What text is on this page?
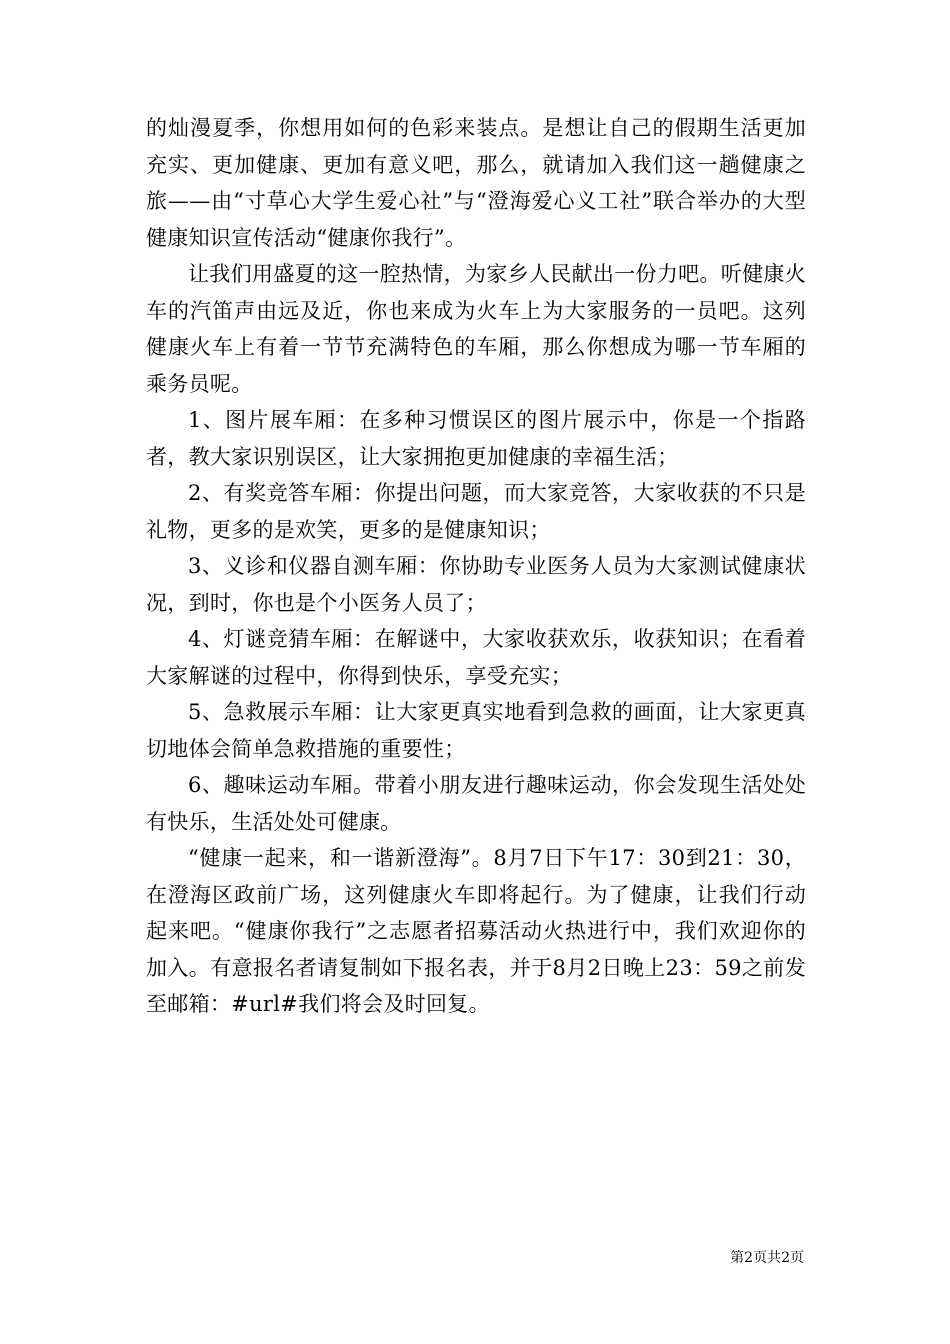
的灿漫夏季，你想用如何的色彩来装点。是想让自己的假期生活更加充实、更加健康、更加有意义吧，那么，就请加入我们这一趟健康之旅——由“寸草心大学生爱心社”与“澄海爱心义工社”联合举办的大型健康知识宣传活动“健康你我行”。

让我们用盛夏的这一腔热情，为家乡人民献出一份力吧。听健康火车的汽笛声由远及近，你也来成为火车上为大家服务的一员吧。这列健康火车上有着一节节充满特色的车厢，那么你想成为哪一节车厢的乘务员呢。

1、图片展车厢：在多种习惯误区的图片展示中，你是一个指路者，教大家识别误区，让大家拥抱更加健康的幸福生活；

2、有奖竞答车厢：你提出问题，而大家竞答，大家收获的不只是礼物，更多的是欢笑，更多的是健康知识；

3、义诊和仪器自测车厢：你协助专业医务人员为大家测试健康状况，到时，你也是个小医务人员了；

4、灯谜竞猜车厢：在解谜中，大家收获欢乐，收获知识；在看着大家解谜的过程中，你得到快乐，享受充实；

5、急救展示车厢：让大家更真实地看到急救的画面，让大家更真切地体会简单急救措施的重要性；

6、趣味运动车厢。带着小朋友进行趣味运动，你会发现生活处处有快乐，生活处处可健康。

“健康一起来，和一谐新澄海”。8月7日下午17：30到21：30，在澄海区政前广场，这列健康火车即将起行。为了健康，让我们行动起来吧。“健康你我行”之志愿者招募活动火热进行中，我们欢迎你的加入。有意报名者请复制如下报名表，并于8月2日晚上23：59之前发至邮箱：#url#我们将会及时回复。

第2页共2页
